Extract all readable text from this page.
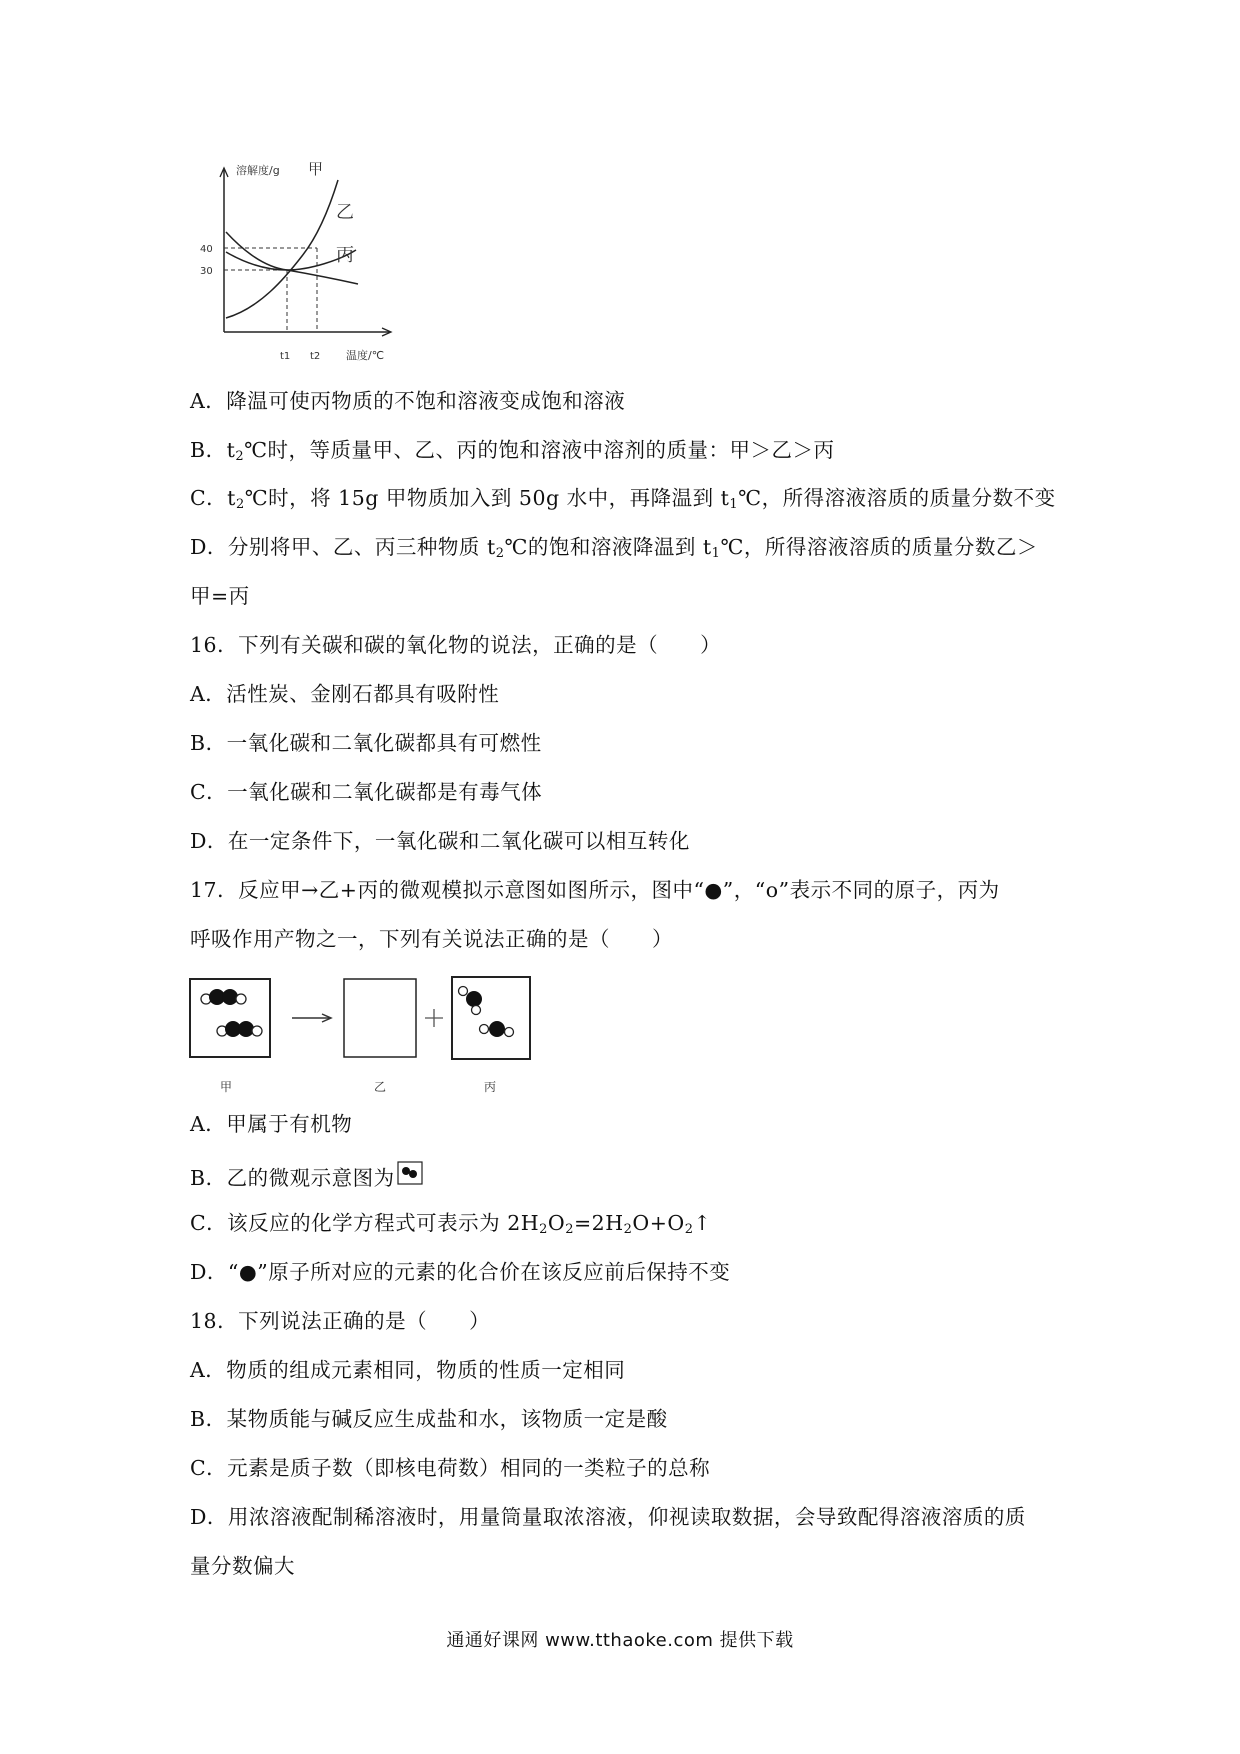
溶解度/g 甲
乙
丙
40
30
t1 t2 温度/℃
A．降温可使丙物质的不饱和溶液变成饱和溶液
B．$t_2℃$时，等质量甲、乙、丙的饱和溶液中溶剂的质量：甲＞乙＞丙
C．$t_2℃$时，将 15g 甲物质加入到 50g 水中，再降温到 $t_1℃$，所得溶液溶质的质量分数不变
D．分别将甲、乙、丙三种物质 $t_2℃$的饱和溶液降温到 $t_1℃$，所得溶液溶质的质量分数乙＞
甲=丙
16．下列有关碳和碳的氧化物的说法，正确的是（　　）
A．活性炭、金刚石都具有吸附性
B．一氧化碳和二氧化碳都具有可燃性
C．一氧化碳和二氧化碳都是有毒气体
D．在一定条件下，一氧化碳和二氧化碳可以相互转化
17．反应甲→乙+丙的微观模拟示意图如图所示，图中“●”，“o”表示不同的原子，丙为
呼吸作用产物之一，下列有关说法正确的是（　　）
甲	乙	丙
A．甲属于有机物
B．乙的微观示意图为
C．该反应的化学方程式可表示为 $2H_2O_2=2H_2O+O_2↑$
D．“●”原子所对应的元素的化合价在该反应前后保持不变
18．下列说法正确的是（　　）
A．物质的组成元素相同，物质的性质一定相同
B．某物质能与碱反应生成盐和水，该物质一定是酸
C．元素是质子数（即核电荷数）相同的一类粒子的总称
D．用浓溶液配制稀溶液时，用量筒量取浓溶液，仰视读取数据，会导致配得溶液溶质的质
量分数偏大
通通好课网 www.tthaoke.com 提供下载
